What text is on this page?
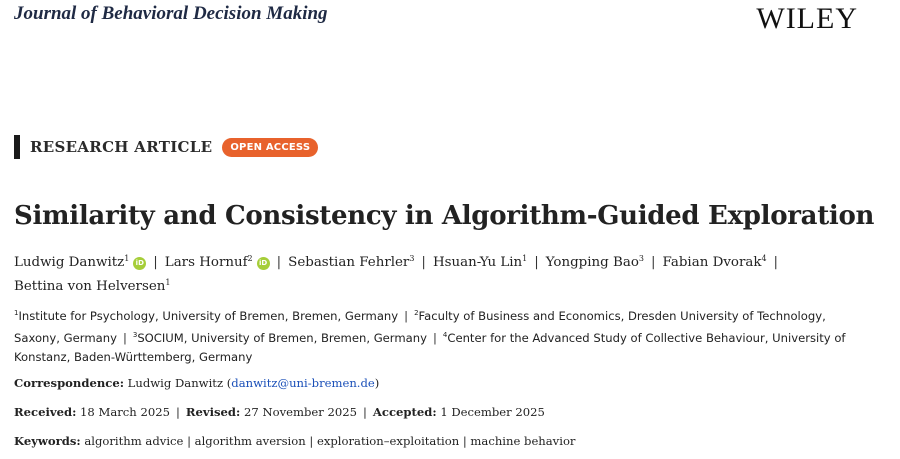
Journal of Behavioral Decision Making	WILEY
RESEARCH ARTICLE	OPEN ACCESS
Similarity and Consistency in Algorithm-Guided Exploration
Ludwig Danwitz$^1$ iD | Lars Hornuf$^2$ iD | Sebastian Fehrler$^3$ | Hsuan-Yu Lin$^1$ | Yongping Bao$^3$ | Fabian Dvorak$^4$ |
Bettina von Helversen$^1$
$^1$Institute for Psychology, University of Bremen, Bremen, Germany | $^2$Faculty of Business and Economics, Dresden University of Technology, Saxony, Germany | $^3$SOCIUM, University of Bremen, Bremen, Germany | $^4$Center for the Advanced Study of Collective Behaviour, University of Konstanz, Baden-Württemberg, Germany
Correspondence: Ludwig Danwitz (danwitz@uni-bremen.de)
Received: 18 March 2025 | Revised: 27 November 2025 | Accepted: 1 December 2025
Keywords: algorithm advice | algorithm aversion | exploration–exploitation | machine behavior
